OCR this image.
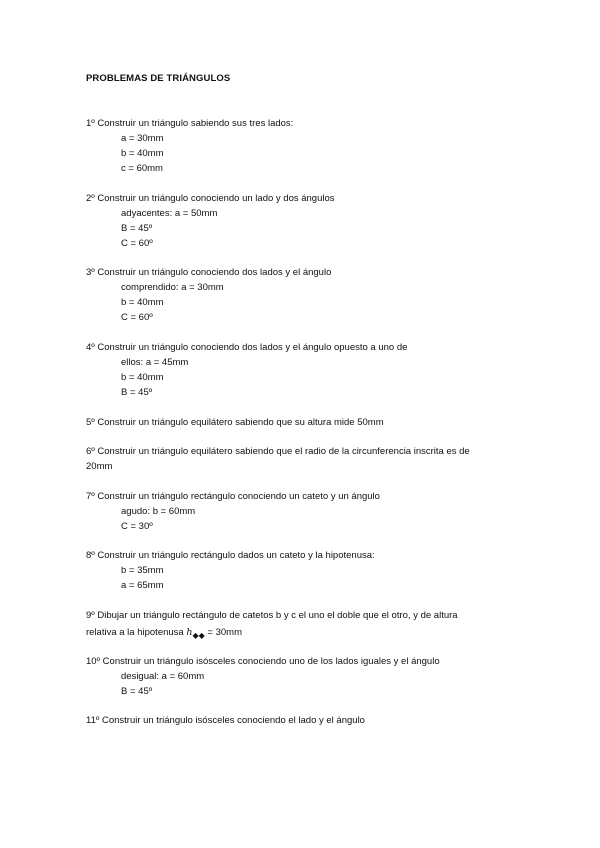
PROBLEMAS DE TRIÁNGULOS
1º Construir un triángulo sabiendo sus tres lados:
a = 30mm
b = 40mm
c = 60mm
2º Construir un triángulo conociendo un lado y dos ángulos
adyacentes: a = 50mm
B = 45º
C = 60º
3º Construir un triángulo conociendo dos lados y el ángulo
comprendido: a = 30mm
b = 40mm
C = 60º
4º Construir un triángulo conociendo dos lados y el ángulo opuesto a uno de
ellos: a = 45mm
b = 40mm
B = 45º
5º Construir un triángulo equilátero sabiendo que su altura mide 50mm
6º Construir un triángulo equilátero sabiendo que el radio de la circunferencia inscrita es de
20mm
7º Construir un triángulo rectángulo conociendo un cateto y un ángulo
agudo: b = 60mm
C = 30º
8º Construir un triángulo rectángulo dados un cateto y la hipotenusa:
b = 35mm
a = 65mm
9º Dibujar un triángulo rectángulo de catetos b y c el uno el doble que el otro, y de altura
relativa a la hipotenusa $h_{◆◆} = 30mm$
10º Construir un triángulo isósceles conociendo uno de los lados iguales y el ángulo
desigual: a = 60mm
B = 45º
11º Construir un triángulo isósceles conociendo el lado y el ángulo
